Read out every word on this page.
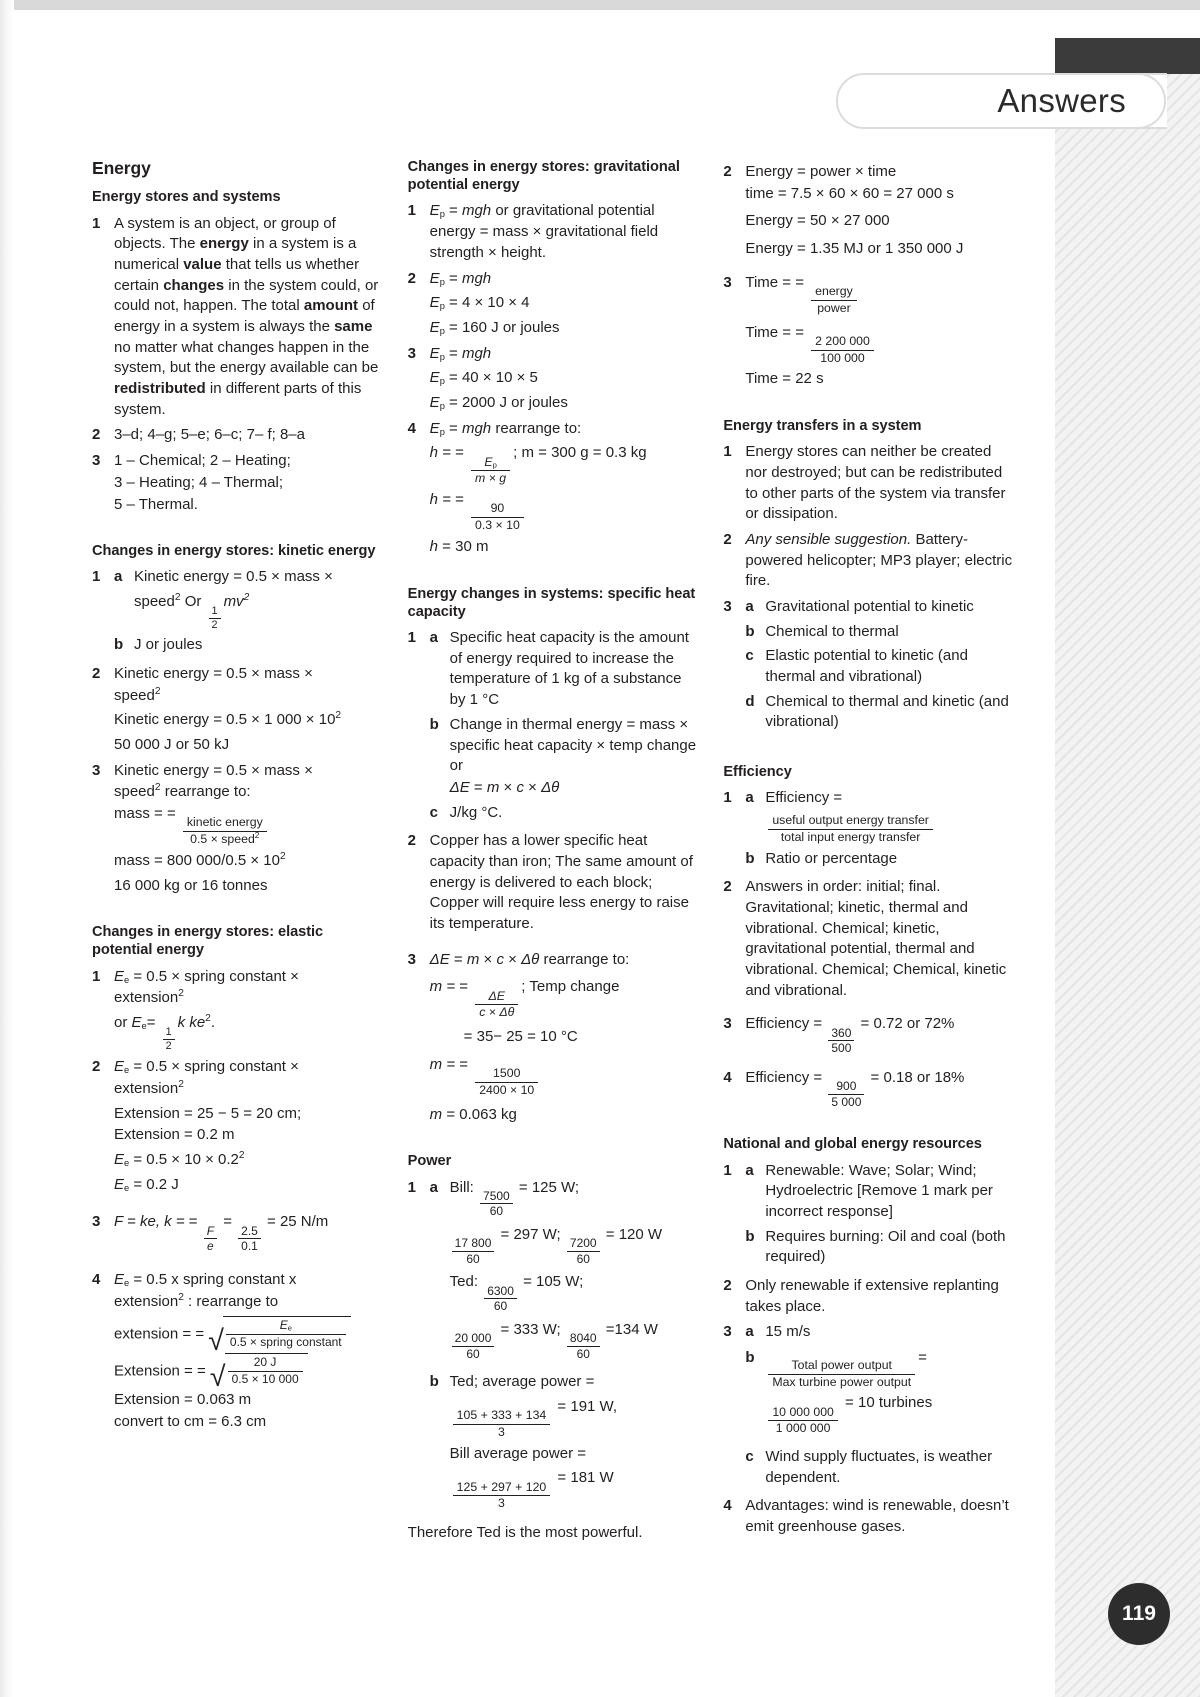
Answers
119
Energy
Energy stores and systems
1 A system is an object, or group of objects. The energy in a system is a numerical value that tells us whether certain changes in the system could, or could not, happen. The total amount of energy in a system is always the same no matter what changes happen in the system, but the energy available can be redistributed in different parts of this system.

2 3–d; 4–g; 5–e; 6–c; 7– f; 8–a

3 1 – Chemical; 2 – Heating;

3 – Heating; 4 – Thermal;

5 – Thermal.

Changes in energy stores: kinetic energy
1 a Kinetic energy = 0.5 × mass ×

speed$^2$ Or
$\frac{1}{2}$
$mv^2$

b J or joules

2 Kinetic energy = 0.5 × mass ×

speed$^2$

Kinetic energy = 0.5 × 1 $000 \times 10^2$

50 000 J or 50 kJ

3 Kinetic energy = 0.5 × mass ×

speed$^2$ rearrange to:

mass = =
$\frac{\text{kinetic energy}}{0.5 \times speed^2}$

mass = 800 $000/0.5 \times 10^2$

16 000 kg or 16 tonnes

Changes in energy stores: elastic potential energy
1 $E_e = 0.5$ × spring constant ×

extension$^2$

or $E_e=$
$\frac{1}{2}$
k $ke^2$.

2 $E_e = 0.5$ × spring constant ×

extension$^2$

Extension = 25 − 5 = 20 cm;

Extension = 0.2 m

$E_e = 0.5 \times 10 \times 0.2^2$

$E_e = 0.2$ J

3 F = ke, k = =
$\frac{F}{e}$
=
$\frac{2.5}{0.1}$
= 25 N/m

4 $E_e = 0.5$ x spring constant x

extension$^2$ : rearrange to

extension = = √ $\frac{E_e}{\text{0.5 × spring constant}}$

Extension = = √ $\frac{20 J}{0.5 \times 10 000}$

Extension = 0.063 m

convert to cm = 6.3 cm

Changes in energy stores: gravitational potential energy
1 $E_p$ = mgh or gravitational potential energy = mass × gravitational field strength × height.

2 $E_p$ = mgh

$E_p = 4 \times 10 \times 4$

$E_p = 160$ J or joules

3 $E_p$ = mgh

$E_p = 40 \times 10 \times 5$

$E_p = 2000$ J or joules

4 $E_p$ = mgh rearrange to:

h = =
$\frac{E_p}{m \times g}$
; m = 300 g = 0.3 kg

h = =
$\frac{90}{0.3 \times 10}$

h = 30 m

Energy changes in systems: specific heat capacity
1 a Specific heat capacity is the amount of energy required to increase the temperature of 1 kg of a substance by 1 °C

b Change in thermal energy = mass × specific heat capacity × temp change or

ΔE = m × c × Δθ

c J/kg °C.

2 Copper has a lower specific heat capacity than iron; The same amount of energy is delivered to each block; Copper will require less energy to raise its temperature.

3 ΔE = m × c × Δθ rearrange to:

m = =
$\frac{\Delta E}{c \times \Delta\theta}$
; Temp change

= 35− 25 = 10 °C

m = =
$\frac{1500}{2400 \times 10}$

m = 0.063 kg

Power
1 a Bill:
$\frac{7500}{60}$
= 125 W;

$\frac{17 800}{60}$
= 297 W;
$\frac{7200}{60}$
= 120 W

Ted:
$\frac{6300}{60}$
= 105 W;

$\frac{20 000}{60}$
= 333 W;
$\frac{8040}{60}$
=134 W

b Ted; average power =

$\frac{105 + 333 + 134}{3}$
= 191 W,

Bill average power =

$\frac{125 + 297 + 120}{3}$
= 181 W

Therefore Ted is the most powerful.

2 Energy = power × time

time = 7.5 × 60 × 60 = 27 000 s

Energy = 50 × 27 000

Energy = 1.35 MJ or 1 350 000 J

3 Time = =
$\frac{\text{energy}}{\text{power}}$

Time = =
$\frac{2 200 000}{100 000}$

Time = 22 s

Energy transfers in a system
1 Energy stores can neither be created nor destroyed; but can be redistributed to other parts of the system via transfer or dissipation.

2 Any sensible suggestion. Battery-powered helicopter; MP3 player; electric fire.

3 a Gravitational potential to kinetic

b Chemical to thermal

c Elastic potential to kinetic (and thermal and vibrational)

d Chemical to thermal and kinetic (and vibrational)

Efficiency
1 a Efficiency =

$\frac{\text{useful output energy transfer}}{\text{total input energy transfer}}$

b Ratio or percentage

2 Answers in order: initial; final. Gravitational; kinetic, thermal and vibrational. Chemical; kinetic, gravitational potential, thermal and vibrational. Chemical; Chemical, kinetic and vibrational.

3 Efficiency =
$\frac{360}{500}$
= 0.72 or 72%

4 Efficiency =
$\frac{900}{5 000}$
= 0.18 or 18%

National and global energy resources
1 a Renewable: Wave; Solar; Wind; Hydroelectric [Remove 1 mark per incorrect response]

b Requires burning: Oil and coal (both required)

2 Only renewable if extensive replanting takes place.

3 a 15 m/s

b

$\frac{\text{Total power output}}{\text{Max turbine power output}}$
=

$\frac{10 000 000}{1 000 000}$
= 10 turbines

c Wind supply fluctuates, is weather dependent.

4 Advantages: wind is renewable, doesn’t emit greenhouse gases.
